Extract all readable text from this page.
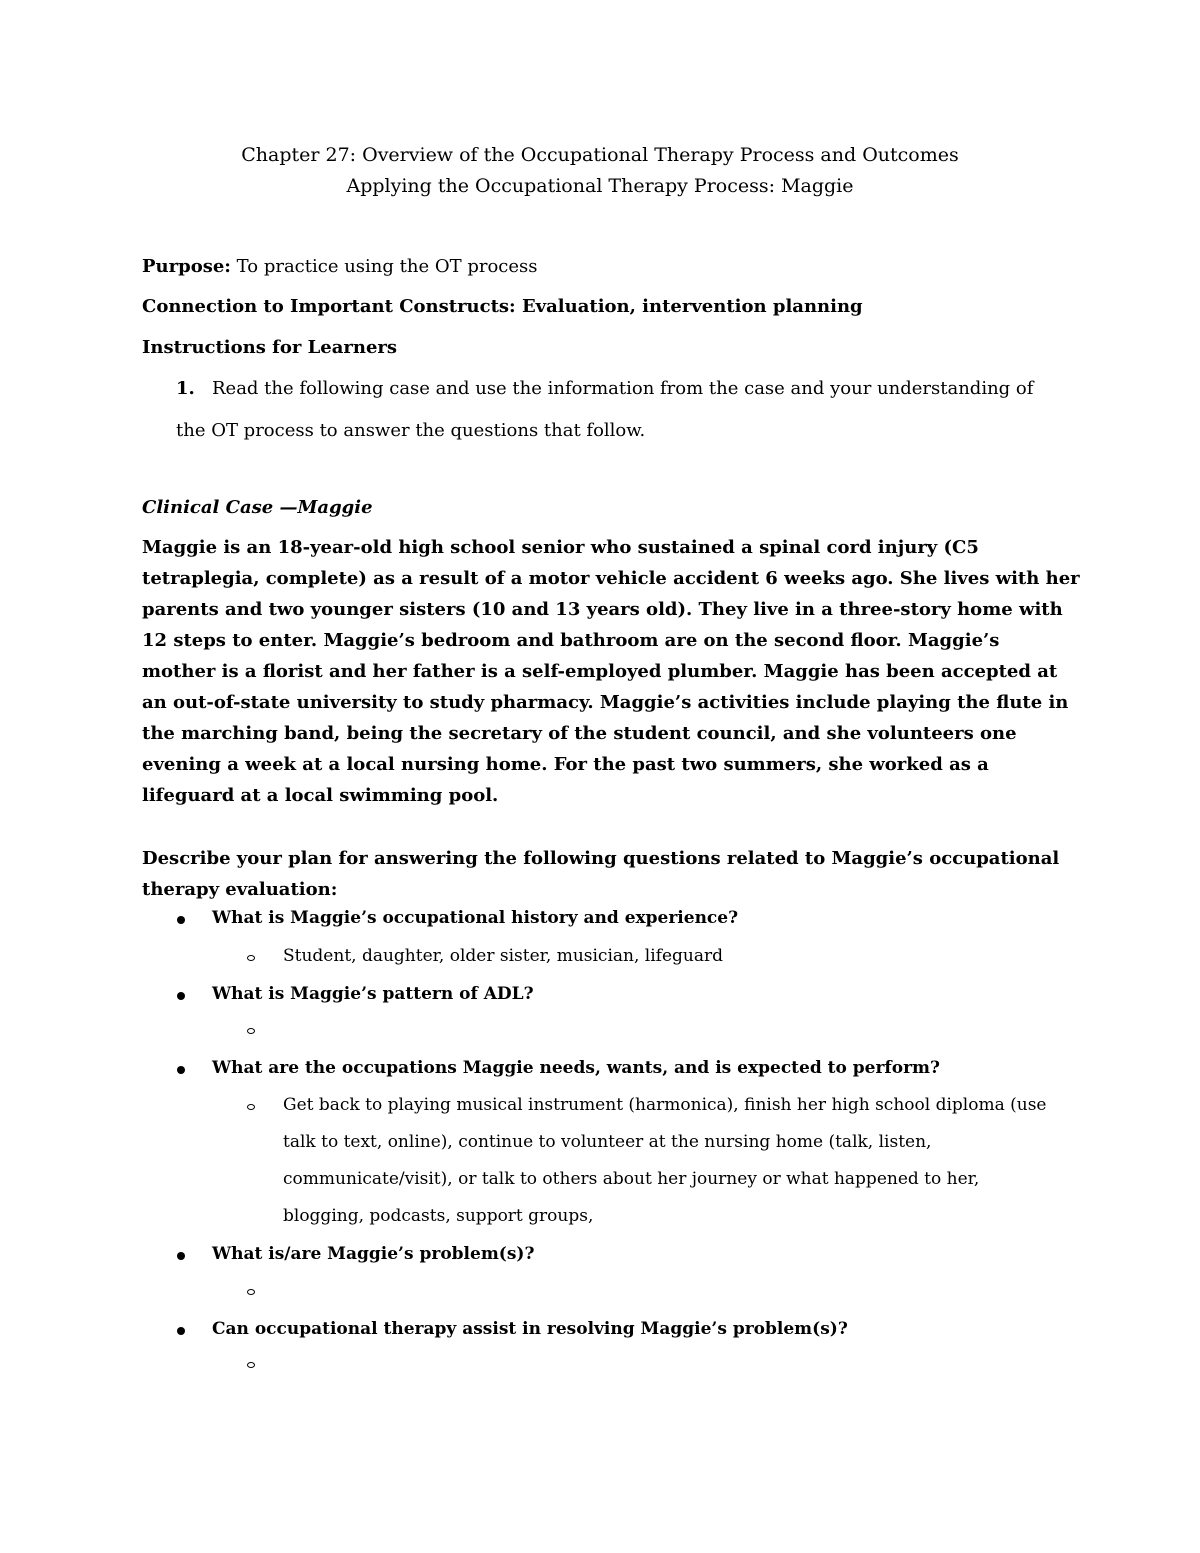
Chapter 27: Overview of the Occupational Therapy Process and Outcomes
Applying the Occupational Therapy Process: Maggie
Purpose: To practice using the OT process
Connection to Important Constructs: Evaluation, intervention planning
Instructions for Learners
1. Read the following case and use the information from the case and your understanding of
the OT process to answer the questions that follow.
Clinical Case —Maggie
Maggie is an 18-year-old high school senior who sustained a spinal cord injury (C5
tetraplegia, complete) as a result of a motor vehicle accident 6 weeks ago. She lives with her
parents and two younger sisters (10 and 13 years old). They live in a three-story home with
12 steps to enter. Maggie’s bedroom and bathroom are on the second floor. Maggie’s
mother is a florist and her father is a self-employed plumber. Maggie has been accepted at
an out-of-state university to study pharmacy. Maggie’s activities include playing the flute in
the marching band, being the secretary of the student council, and she volunteers one
evening a week at a local nursing home. For the past two summers, she worked as a
lifeguard at a local swimming pool.
Describe your plan for answering the following questions related to Maggie’s occupational
therapy evaluation:
What is Maggie’s occupational history and experience?
Student, daughter, older sister, musician, lifeguard
What is Maggie’s pattern of ADL?
What are the occupations Maggie needs, wants, and is expected to perform?
Get back to playing musical instrument (harmonica), finish her high school diploma (use
talk to text, online), continue to volunteer at the nursing home (talk, listen,
communicate/visit), or talk to others about her journey or what happened to her,
blogging, podcasts, support groups,
What is/are Maggie’s problem(s)?
Can occupational therapy assist in resolving Maggie’s problem(s)?
